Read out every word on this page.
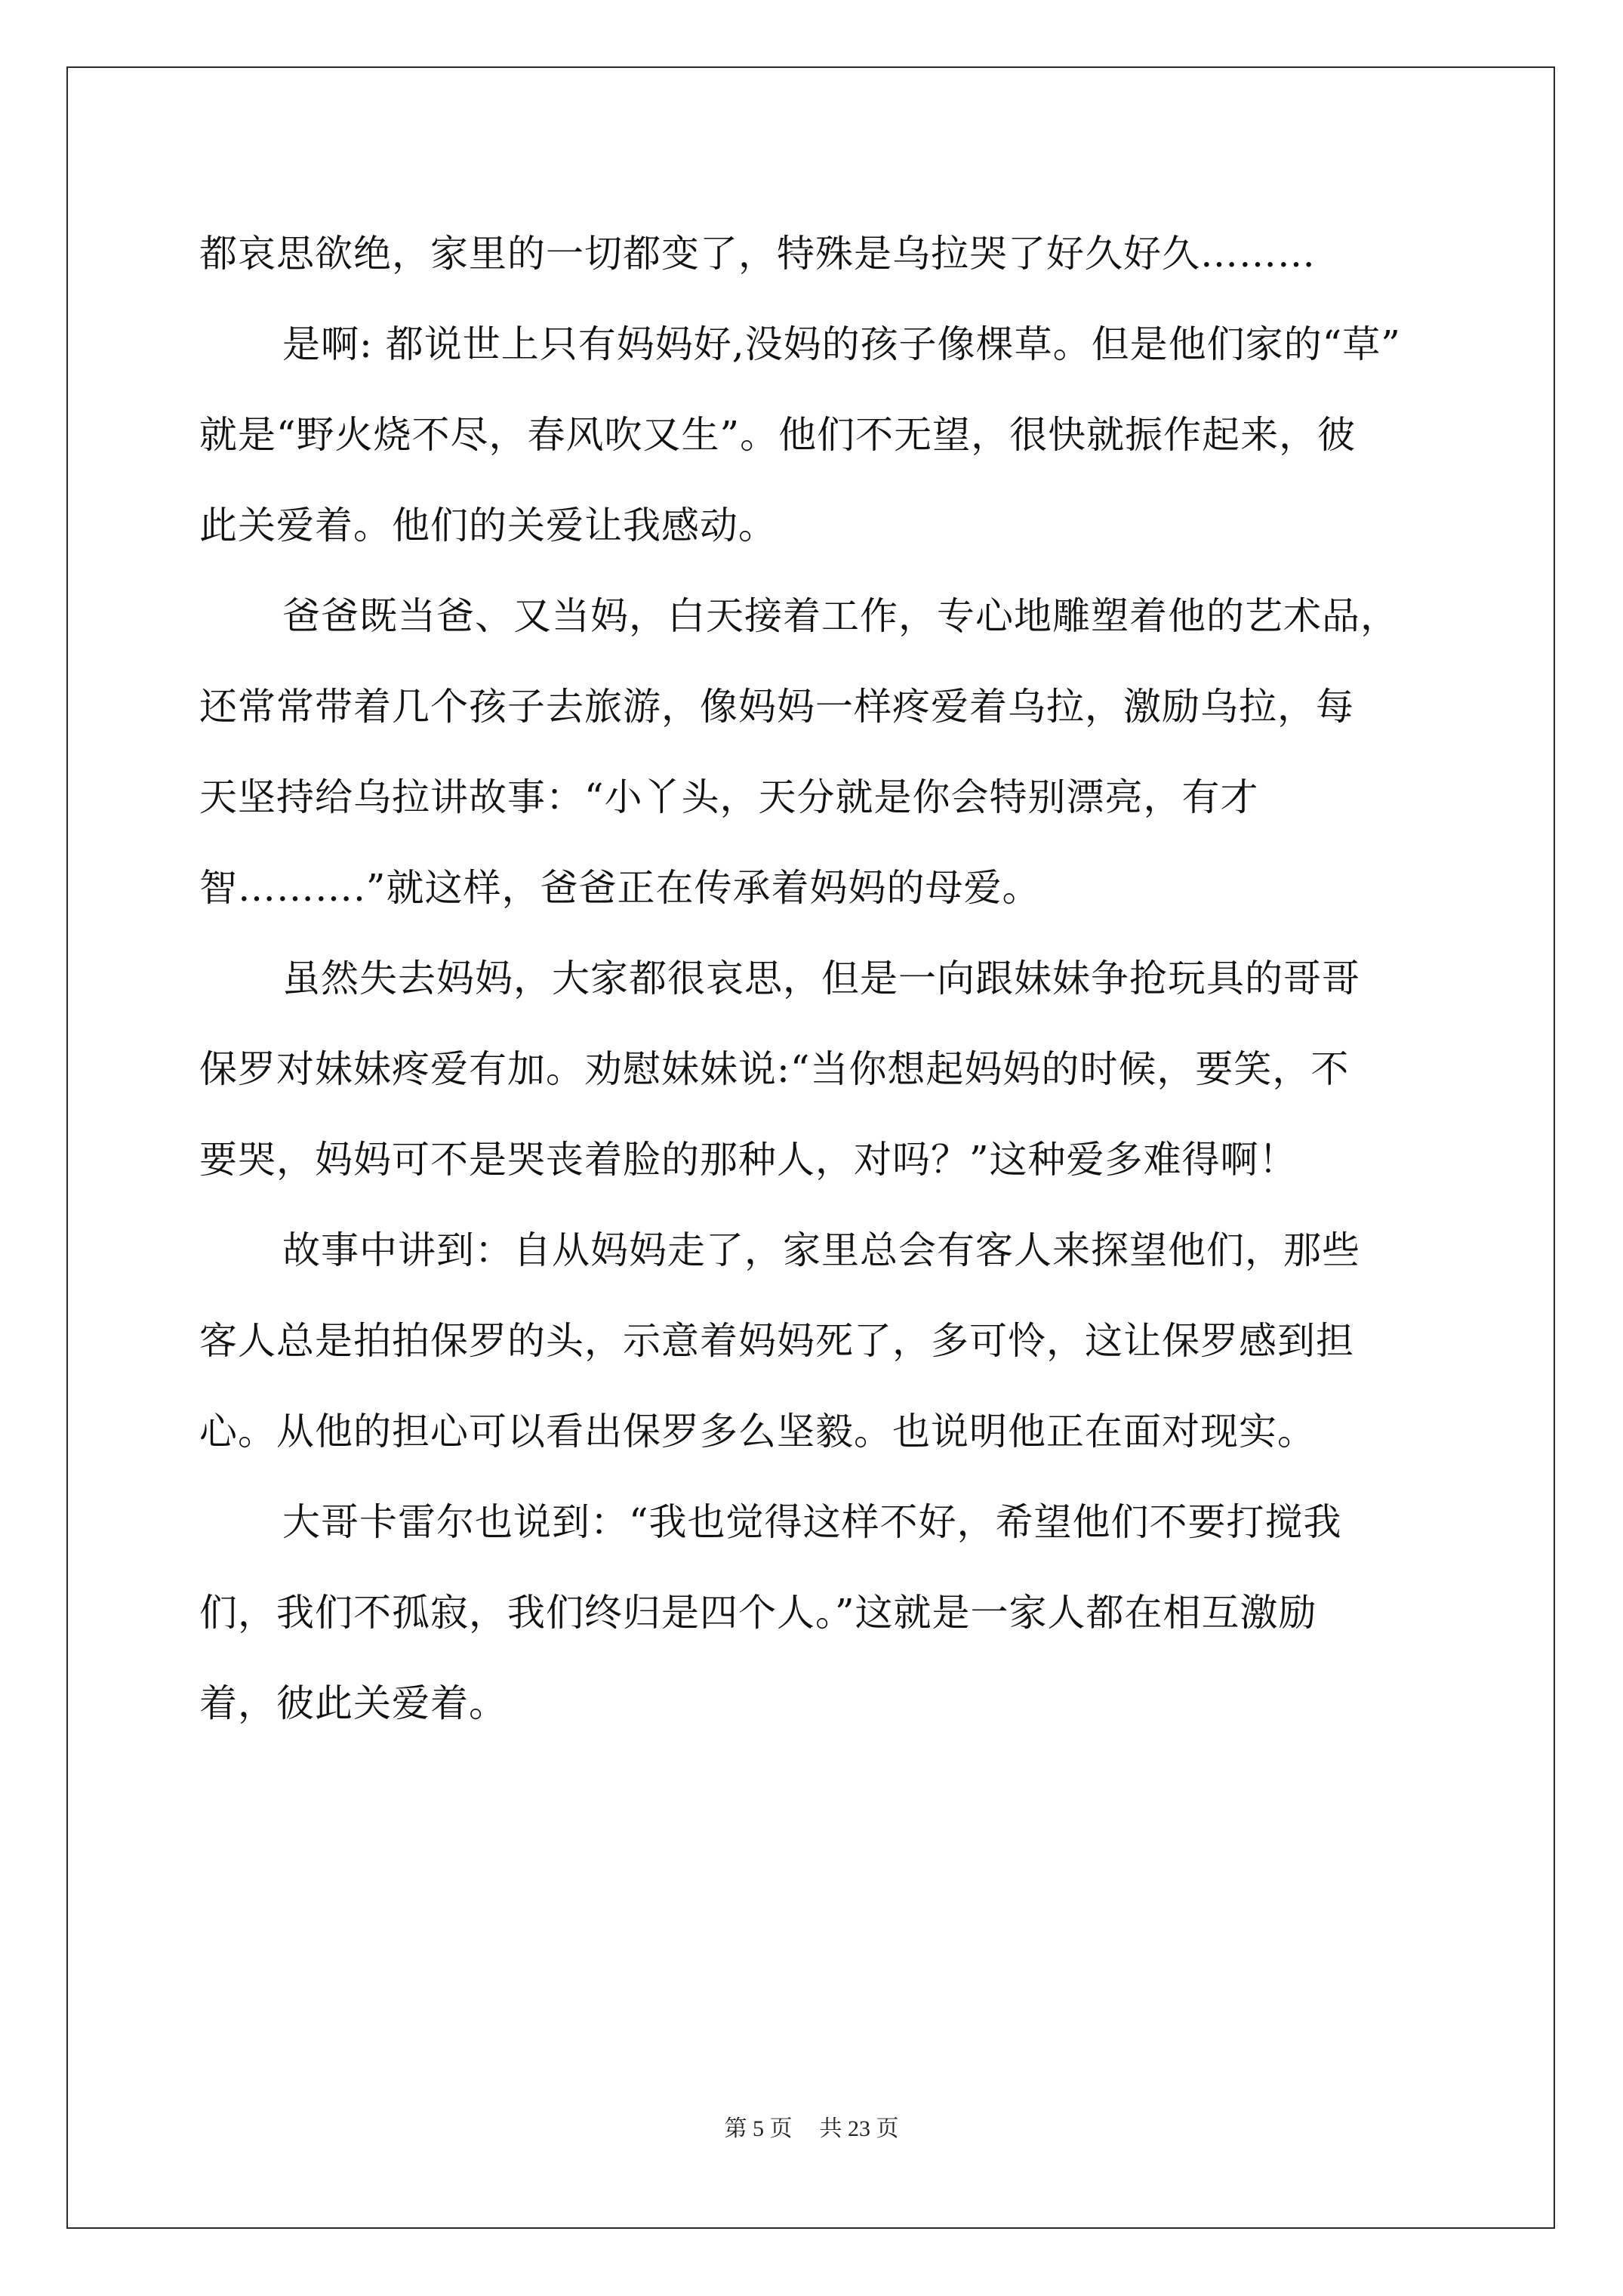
都哀思欲绝，家里的一切都变了，特殊是乌拉哭了好久好久………
是啊: 都说世上只有妈妈好,没妈的孩子像棵草。但是他们家的“草”
就是“野火烧不尽，春风吹又生”。他们不无望，很快就振作起来，彼
此关爱着。他们的关爱让我感动。
爸爸既当爸、又当妈，白天接着工作，专心地雕塑着他的艺术品，
还常常带着几个孩子去旅游，像妈妈一样疼爱着乌拉，激励乌拉，每
天坚持给乌拉讲故事：“小丫头，天分就是你会特别漂亮，有才
智……….”就这样，爸爸正在传承着妈妈的母爱。
虽然失去妈妈，大家都很哀思，但是一向跟妹妹争抢玩具的哥哥
保罗对妹妹疼爱有加。劝慰妹妹说:“当你想起妈妈的时候，要笑，不
要哭，妈妈可不是哭丧着脸的那种人，对吗？”这种爱多难得啊！
故事中讲到：自从妈妈走了，家里总会有客人来探望他们，那些
客人总是拍拍保罗的头，示意着妈妈死了，多可怜，这让保罗感到担
心。从他的担心可以看出保罗多么坚毅。也说明他正在面对现实。
大哥卡雷尔也说到：“我也觉得这样不好，希望他们不要打搅我
们，我们不孤寂，我们终归是四个人。”这就是一家人都在相互激励
着，彼此关爱着。
第 5 页 共 23 页
